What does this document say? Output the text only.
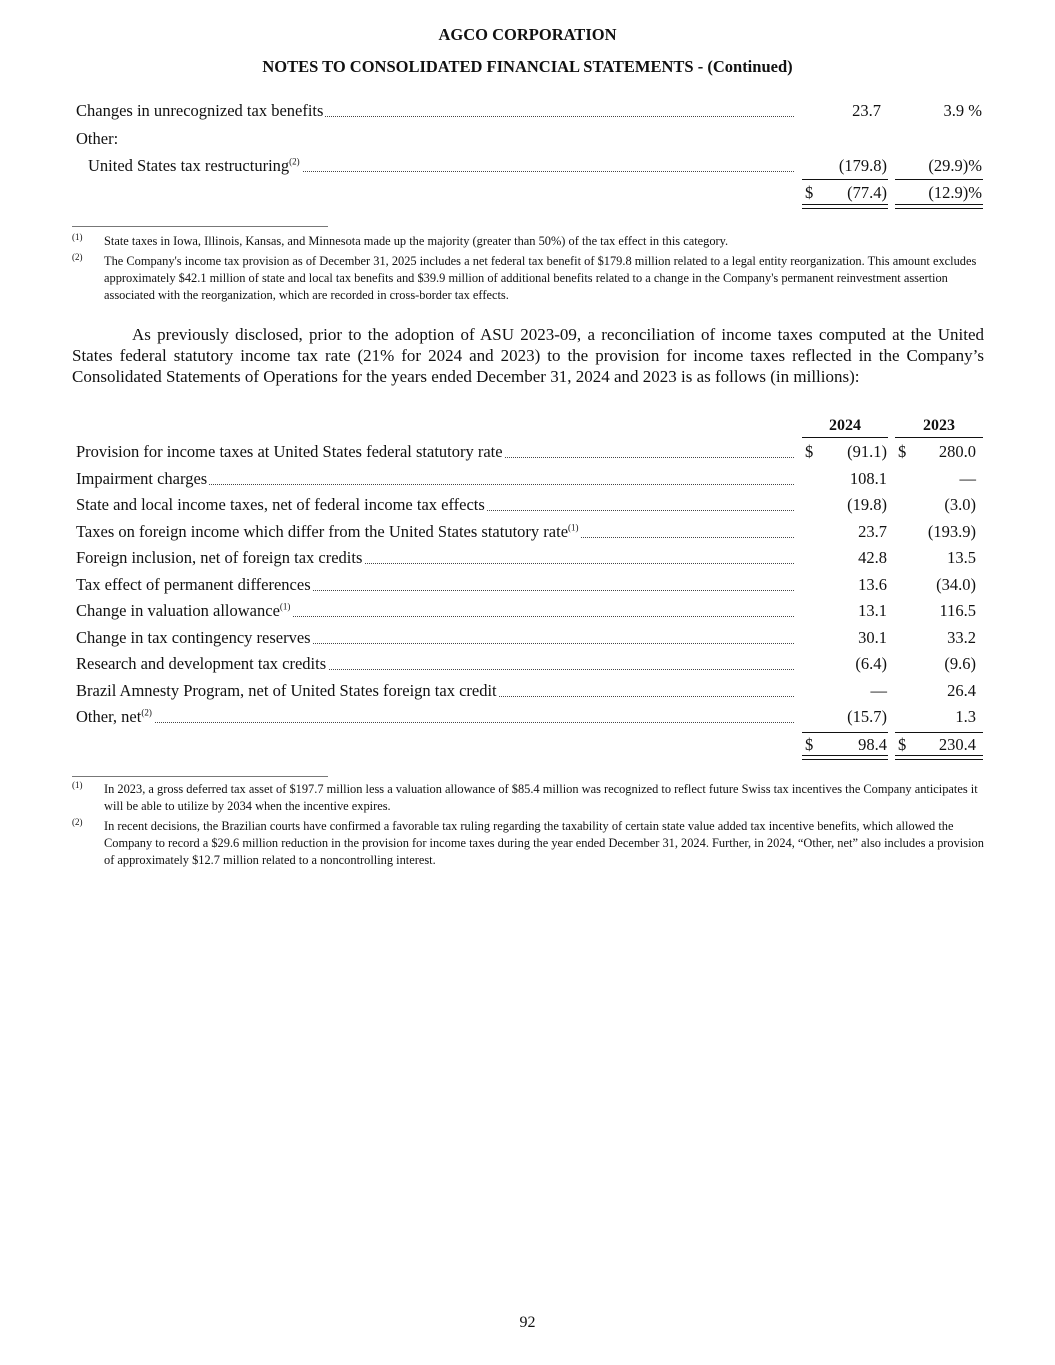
AGCO CORPORATION
NOTES TO CONSOLIDATED FINANCIAL STATEMENTS - (Continued)
Changes in unrecognized tax benefits	23.7	3.9 %
Other:
United States tax restructuring$^{(2)}$	(179.8)	(29.9)%
$ (77.4)	(12.9)%
(1) State taxes in Iowa, Illinois, Kansas, and Minnesota made up the majority (greater than 50%) of the tax effect in this category.
(2) The Company's income tax provision as of December 31, 2025 includes a net federal tax benefit of $179.8 million related to a legal entity reorganization. This amount excludes approximately $42.1 million of state and local tax benefits and $39.9 million of additional benefits related to a change in the Company's permanent reinvestment assertion associated with the reorganization, which are recorded in cross-border tax effects.
As previously disclosed, prior to the adoption of ASU 2023-09, a reconciliation of income taxes computed at the United States federal statutory income tax rate (21% for 2024 and 2023) to the provision for income taxes reflected in the Company’s Consolidated Statements of Operations for the years ended December 31, 2024 and 2023 is as follows (in millions):
2024	2023
Provision for income taxes at United States federal statutory rate	$ (91.1) $ 280.0
Impairment charges	108.1	—
State and local income taxes, net of federal income tax effects	(19.8)	(3.0)
Taxes on foreign income which differ from the United States statutory rate$^{(1)}$	23.7 (193.9)
Foreign inclusion, net of foreign tax credits	42.8	13.5
Tax effect of permanent differences	13.6	(34.0)
Change in valuation allowance$^{(1)}$	13.1	116.5
Change in tax contingency reserves	30.1	33.2
Research and development tax credits	(6.4)	(9.6)
Brazil Amnesty Program, net of United States foreign tax credit	—	26.4
Other, net$^{(2)}$	(15.7)	1.3
$	98.4 $ 230.4
(1) In 2023, a gross deferred tax asset of $197.7 million less a valuation allowance of $85.4 million was recognized to reflect future Swiss tax incentives the Company anticipates it will be able to utilize by 2034 when the incentive expires.
(2) In recent decisions, the Brazilian courts have confirmed a favorable tax ruling regarding the taxability of certain state value added tax incentive benefits, which allowed the Company to record a $29.6 million reduction in the provision for income taxes during the year ended December 31, 2024. Further, in 2024, “Other, net” also includes a provision of approximately $12.7 million related to a noncontrolling interest.
92
